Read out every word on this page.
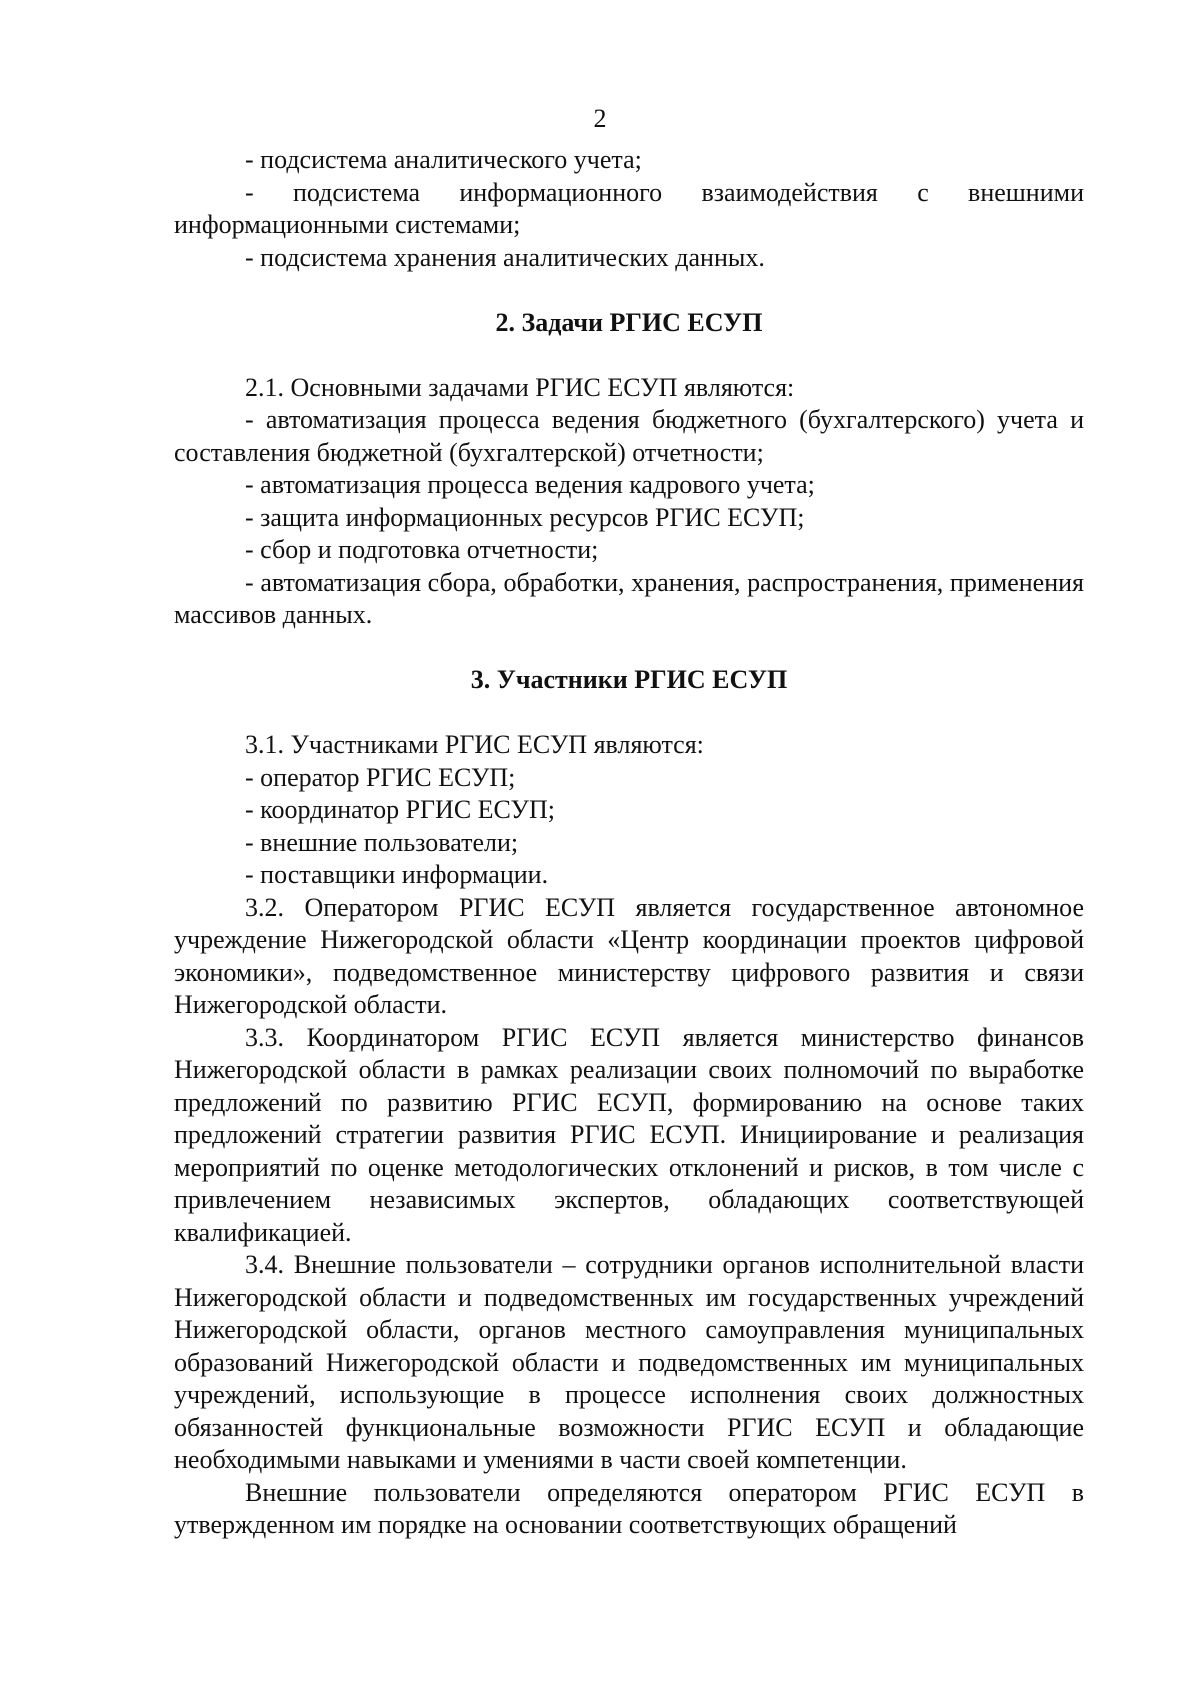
2

- подсистема аналитического учета;

- подсистема информационного взаимодействия с внешними информационными системами;

- подсистема хранения аналитических данных.

2. Задачи РГИС ЕСУП

2.1. Основными задачами РГИС ЕСУП являются:

- автоматизация процесса ведения бюджетного (бухгалтерского) учета и составления бюджетной (бухгалтерской) отчетности;

- автоматизация процесса ведения кадрового учета;

- защита информационных ресурсов РГИС ЕСУП;

- сбор и подготовка отчетности;

- автоматизация сбора, обработки, хранения, распространения, применения массивов данных.

3. Участники РГИС ЕСУП

3.1. Участниками РГИС ЕСУП являются:

- оператор РГИС ЕСУП;

- координатор РГИС ЕСУП;

- внешние пользователи;

- поставщики информации.

3.2. Оператором РГИС ЕСУП является государственное автономное учреждение Нижегородской области «Центр координации проектов цифровой экономики», подведомственное министерству цифрового развития и связи Нижегородской области.

3.3. Координатором РГИС ЕСУП является министерство финансов Нижегородской области в рамках реализации своих полномочий по выработке предложений по развитию РГИС ЕСУП, формированию на основе таких предложений стратегии развития РГИС ЕСУП. Инициирование и реализация мероприятий по оценке методологических отклонений и рисков, в том числе с привлечением независимых экспертов, обладающих соответствующей квалификацией.

3.4. Внешние пользователи – сотрудники органов исполнительной власти Нижегородской области и подведомственных им государственных учреждений Нижегородской области, органов местного самоуправления муниципальных образований Нижегородской области и подведомственных им муниципальных учреждений, использующие в процессе исполнения своих должностных обязанностей функциональные возможности РГИС ЕСУП и обладающие необходимыми навыками и умениями в части своей компетенции.

Внешние пользователи определяются оператором РГИС ЕСУП в утвержденном им порядке на основании соответствующих обращений
